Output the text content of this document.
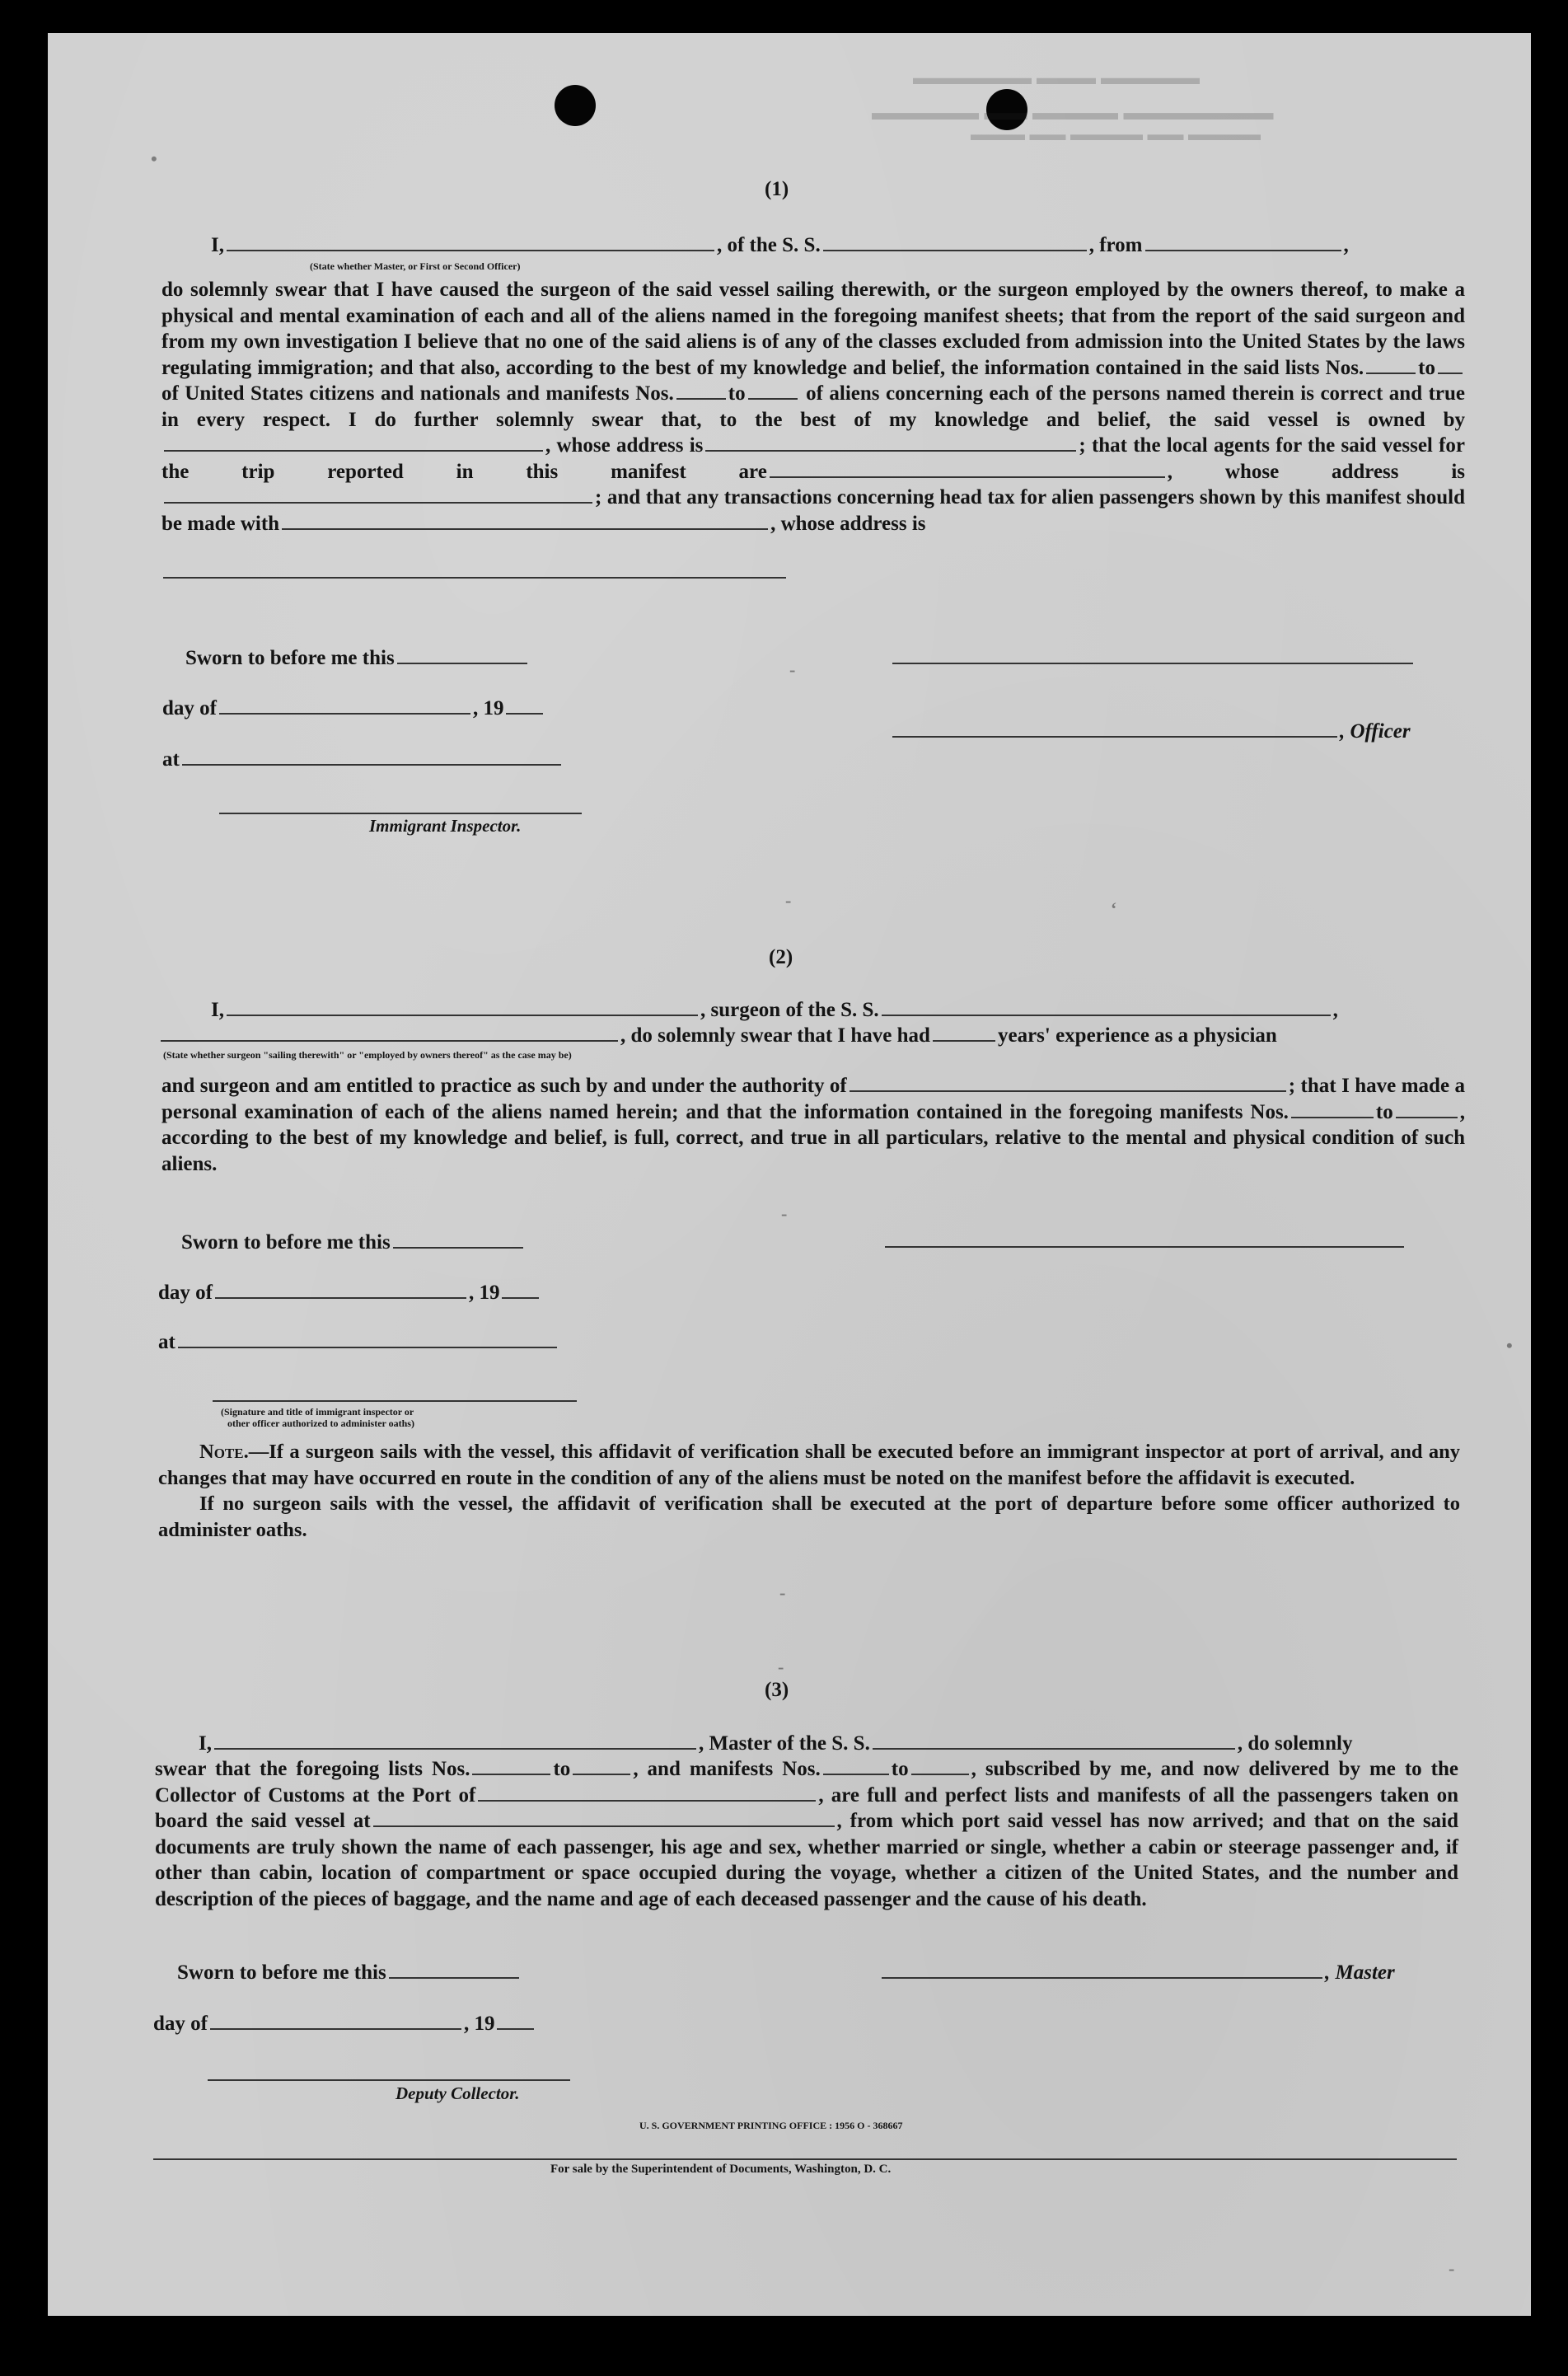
▬▬▬▬▬▬ ▬▬▬ ▬▬▬▬▬
▬▬▬▬▬ ▬▬ ▬▬▬▬ ▬▬▬▬▬▬▬
▬▬▬ ▬▬ ▬▬▬▬ ▬▬ ▬▬▬▬
(1)
I,	, of the S. S.	, from	,
(State whether Master, or First or Second Officer)

do solemnly swear that I have caused the surgeon of the said vessel sailing therewith, or the surgeon employed by the owners thereof, to make a physical and mental examination of each and all of the aliens named in the foregoing manifest sheets; that from the report of the said surgeon and from my own investigation I believe that no one of the said aliens is of any of the classes excluded from admission into the United States by the laws regulating immigration; and that also, according to the best of my knowledge and belief, the information contained in the said lists Nos.	to of United States citizens and nationals and manifests Nos.	to	of aliens concerning each of the persons named therein is correct and true in every respect. I do further solemnly swear that, to the best of my knowledge and belief, the said vessel is owned by, whose address is	; that the local agents for the said vessel for the trip reported in this manifest are	,	whose address is; and that any transactions concerning head tax for alien passengers shown by this manifest should be made with	, whose address is

Sworn to before me this
day of	, 19
at
Immigrant Inspector.
, Officer
(2)
I,	, surgeon of the S. S.	,
, do solemnly swear that I have had	years' experience as a physician
(State whether surgeon "sailing therewith" or "employed by owners thereof" as the case may be)

and surgeon and am entitled to practice as such by and under the authority of	; that I have made a personal examination of each of the aliens named herein; and that the information contained in the foregoing manifests Nos.	to	, according to the best of my knowledge and belief, is full, correct, and true in all particulars, relative to the mental and physical condition of such aliens.

Sworn to before me this
day of	, 19
at
(Signature and title of immigrant inspector or
other officer authorized to administer oaths)

Note.—If a surgeon sails with the vessel, this affidavit of verification shall be executed before an immigrant inspector at port of arrival, and any changes that may have occurred en route in the condition of any of the aliens must be noted on the manifest before the affidavit is executed.

If no surgeon sails with the vessel, the affidavit of verification shall be executed at the port of departure before some officer authorized to administer oaths.

(3)
I,	, Master of the S. S.	, do solemnly

swear that the foregoing lists Nos.	to	, and manifests Nos.	to	, subscribed by me, and now delivered by me to the Collector of Customs at the Port of	, are full and perfect lists and manifests of all the passengers taken on board the said vessel at	, from which port said vessel has now arrived; and that on the said documents are truly shown the name of each passenger, his age and sex, whether married or single, whether a cabin or steerage passenger and, if other than cabin, location of compartment or space occupied during the voyage, whether a citizen of the United States, and the number and description of the pieces of baggage, and the name and age of each deceased passenger and the cause of his death.

Sworn to before me this
day of	, 19
Deputy Collector.
, Master
U. S. GOVERNMENT PRINTING OFFICE : 1956 O - 368667
For sale by the Superintendent of Documents, Washington, D. C.
•
-
-	‘
-
-
-
•
-
